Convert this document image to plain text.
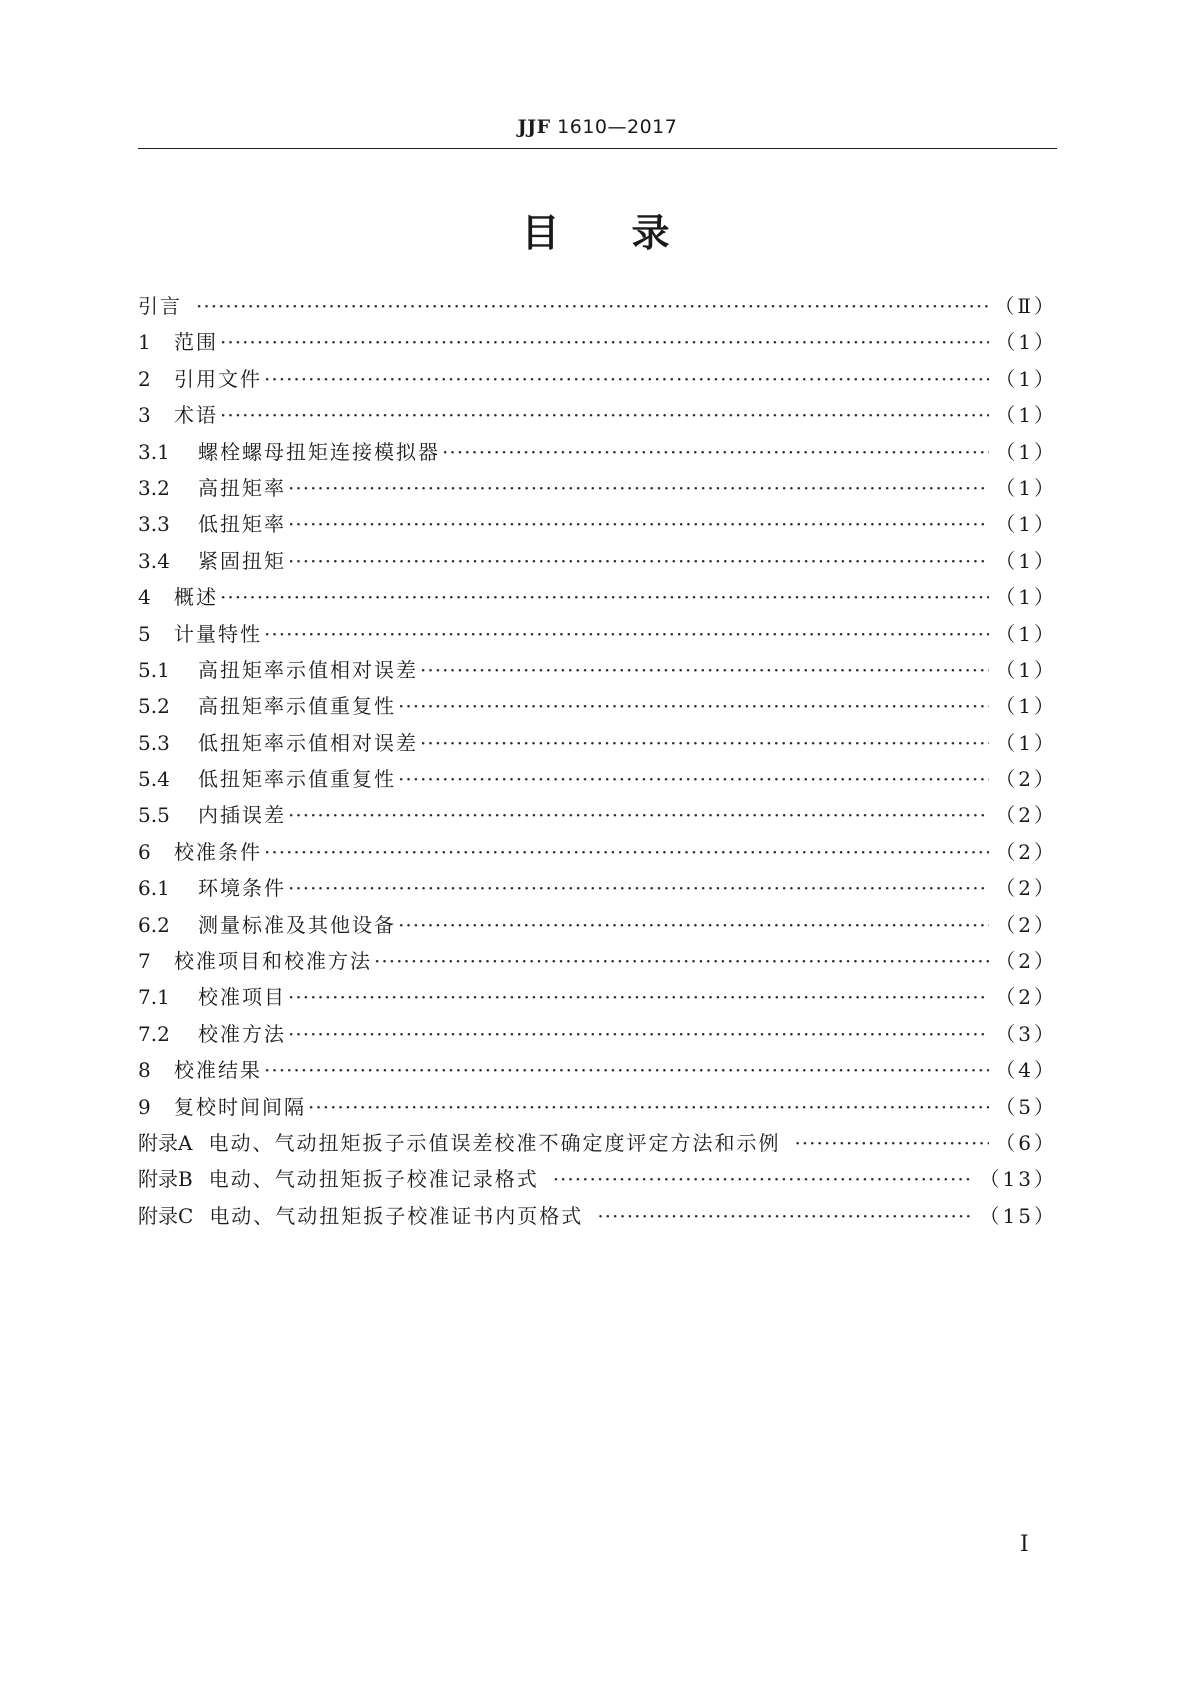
JJF 1610—2017
目录
引言 ·····	（Ⅱ）
1	范围 ·····	（1）
2	引用文件 ·····	（1）
3	术语 ·····	（1）
3.1	螺栓螺母扭矩连接模拟器 ·····	（1）
3.2	高扭矩率 ·····	（1）
3.3	低扭矩率 ·····	（1）
3.4	紧固扭矩 ·····	（1）
4	概述 ·····	（1）
5	计量特性 ·····	（1）
5.1	高扭矩率示值相对误差 ·····	（1）
5.2	高扭矩率示值重复性 ·····	（1）
5.3	低扭矩率示值相对误差 ·····	（1）
5.4	低扭矩率示值重复性 ·····	（2）
5.5	内插误差 ·····	（2）
6	校准条件 ·····	（2）
6.1	环境条件 ·····	（2）
6.2	测量标准及其他设备 ·····	（2）
7	校准项目和校准方法 ·····	（2）
7.1	校准项目 ·····	（2）
7.2	校准方法 ·····	（3）
8	校准结果 ·····	（4）
9	复校时间间隔 ·····	（5）
附录A 电动、气动扭矩扳子示值误差校准不确定度评定方法和示例 ·····	（6）
附录B 电动、气动扭矩扳子校准记录格式 ·····	（13）
附录C 电动、气动扭矩扳子校准证书内页格式 ·····	（15）
Ⅰ
